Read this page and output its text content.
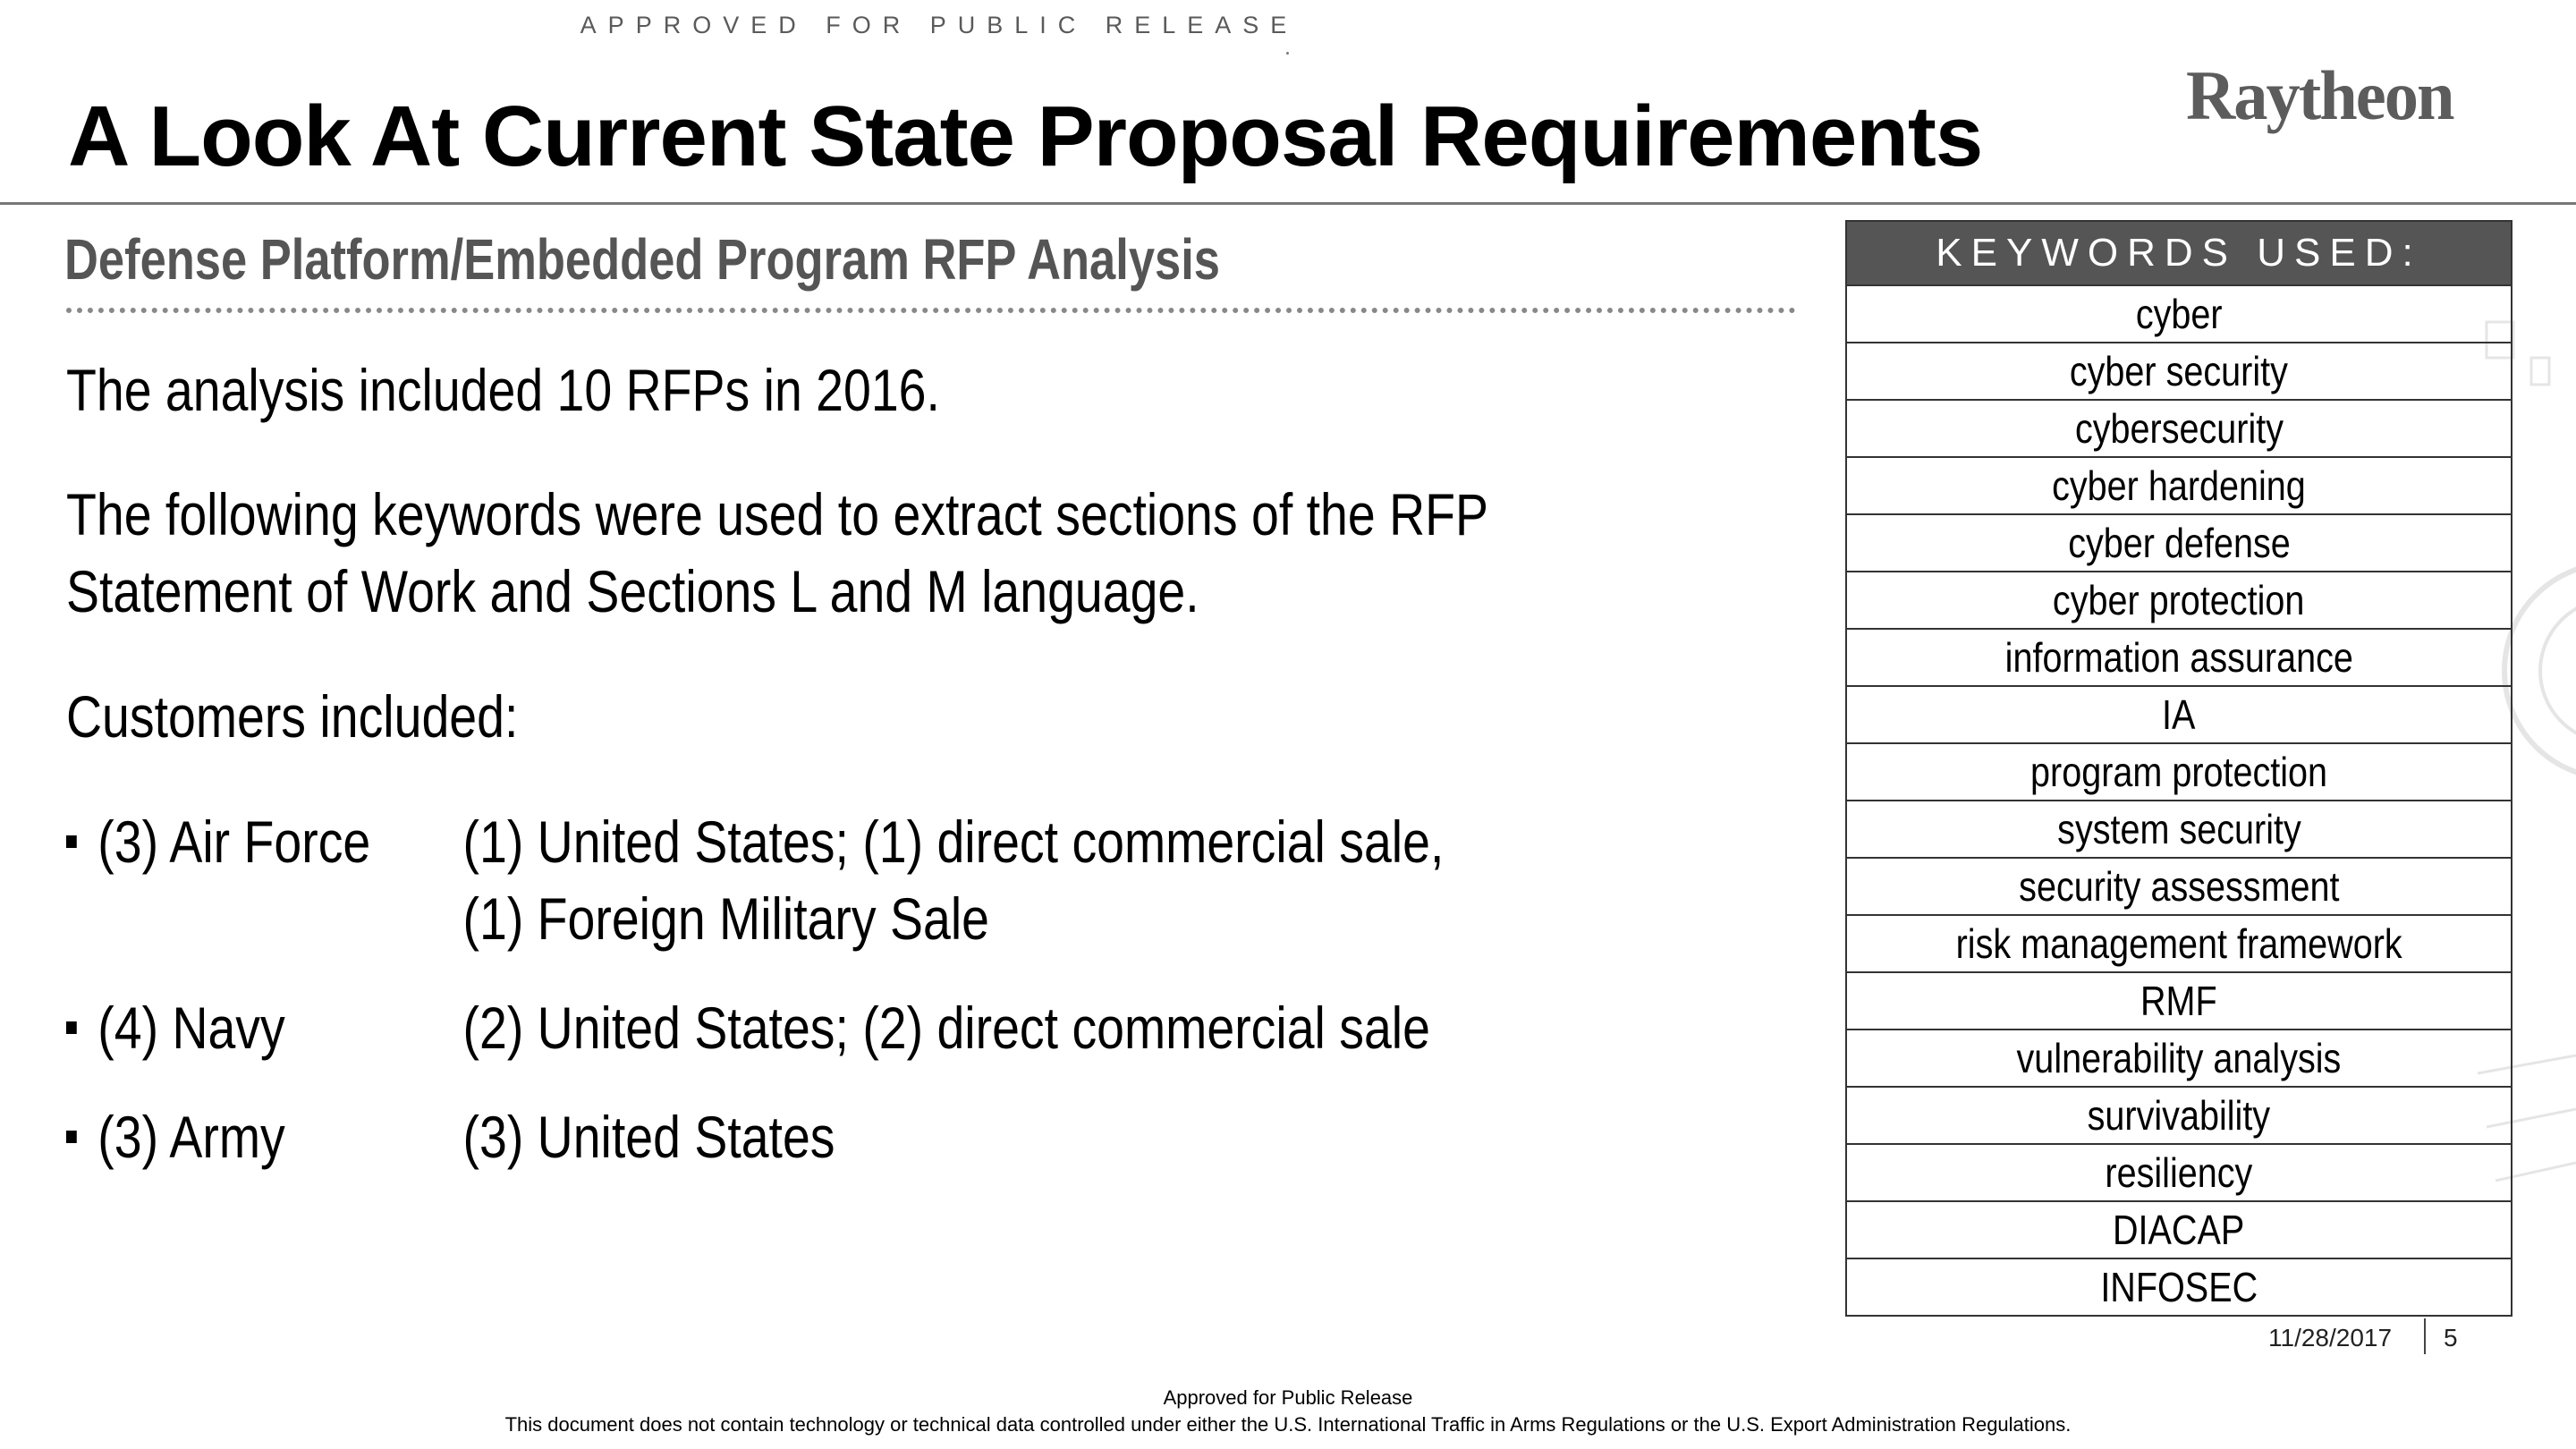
APPROVED FOR PUBLIC RELEASE
Raytheon
A Look At Current State Proposal Requirements
Defense Platform/Embedded Program RFP Analysis
The analysis included 10 RFPs in 2016.
The following keywords were used to extract sections of the RFP
Statement of Work and Sections L and M language.
Customers included:
(3) Air Force (1) United States; (1) direct commercial sale,
(1) Foreign Military Sale
(4) Navy	(2) United States; (2) direct commercial sale
(3) Army	(3) United States
KEYWORDS USED:
cyber
cyber security
cybersecurity
cyber hardening
cyber defense
cyber protection
information assurance
IA
program protection
system security
security assessment
risk management framework
RMF
vulnerability analysis
survivability
resiliency
DIACAP
INFOSEC
11/28/2017 5
Approved for Public Release
This document does not contain technology or technical data controlled under either the U.S. International Traffic in Arms Regulations or the U.S. Export Administration Regulations.
